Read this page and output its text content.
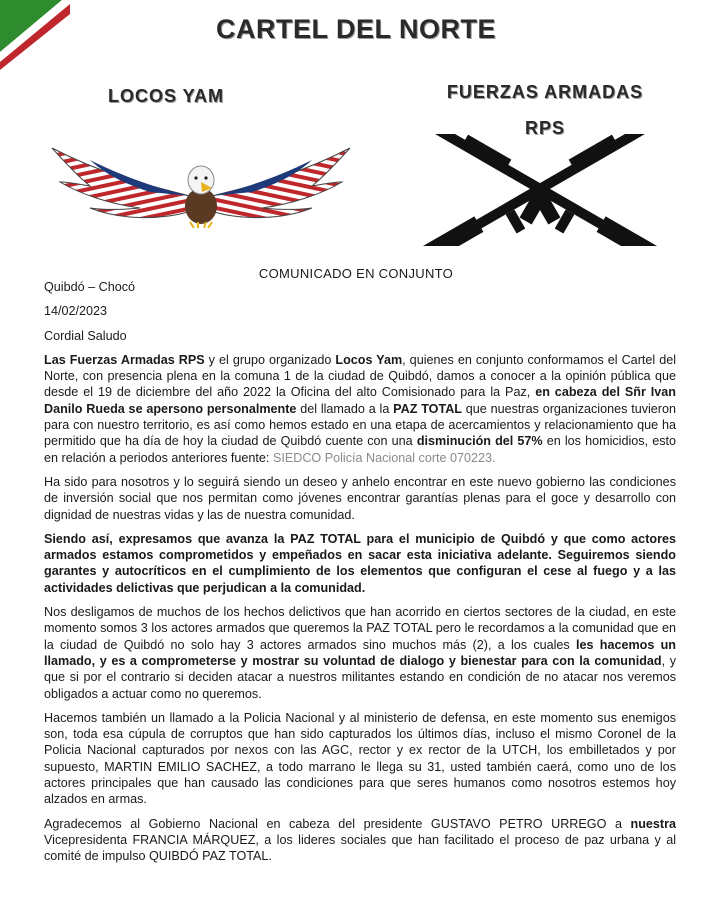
CARTEL DEL NORTE
LOCOS YAM	FUERZAS ARMADAS
RPS
COMUNICADO EN CONJUNTO

Quibdó – Chocó

14/02/2023

Cordial Saludo

Las Fuerzas Armadas RPS y el grupo organizado Locos Yam, quienes en conjunto conformamos el Cartel del Norte, con presencia plena en la comuna 1 de la ciudad de Quibdó, damos a conocer a la opinión pública que desde el 19 de diciembre del año 2022 la Oficina del alto Comisionado para la Paz, en cabeza del Sñr Ivan Danilo Rueda se apersono personalmente del llamado a la PAZ TOTAL que nuestras organizaciones tuvieron para con nuestro territorio, es así como hemos estado en una etapa de acercamientos y relacionamiento que ha permitido que ha día de hoy la ciudad de Quibdó cuente con una disminución del 57% en los homicidios, esto en relación a periodos anteriores fuente: SIEDCO Policía Nacional corte 070223.

Ha sido para nosotros y lo seguirá siendo un deseo y anhelo encontrar en este nuevo gobierno las condiciones de inversión social que nos permitan como jóvenes encontrar garantías plenas para el goce y desarrollo con dignidad de nuestras vidas y las de nuestra comunidad.

Siendo así, expresamos que avanza la PAZ TOTAL para el municipio de Quibdó y que como actores armados estamos comprometidos y empeñados en sacar esta iniciativa adelante. Seguiremos siendo garantes y autocríticos en el cumplimiento de los elementos que configuran el cese al fuego y a las actividades delictivas que perjudican a la comunidad.

Nos desligamos de muchos de los hechos delictivos que han acorrido en ciertos sectores de la ciudad, en este momento somos 3 los actores armados que queremos la PAZ TOTAL pero le recordamos a la comunidad que en la ciudad de Quibdó no solo hay 3 actores armados sino muchos más (2), a los cuales les hacemos un llamado, y es a comprometerse y mostrar su voluntad de dialogo y bienestar para con la comunidad, y que si por el contrario si deciden atacar a nuestros militantes estando en condición de no atacar nos veremos obligados a actuar como no queremos.

Hacemos también un llamado a la Policia Nacional y al ministerio de defensa, en este momento sus enemigos son, toda esa cúpula de corruptos que han sido capturados los últimos días, incluso el mismo Coronel de la Policia Nacional capturados por nexos con las AGC, rector y ex rector de la UTCH, los embilletados y por supuesto, MARTIN EMILIO SACHEZ, a todo marrano le llega su 31, usted también caerá, como uno de los actores principales que han causado las condiciones para que seres humanos como nosotros estemos hoy alzados en armas.

Agradecemos al Gobierno Nacional en cabeza del presidente GUSTAVO PETRO URREGO a nuestra Vicepresidenta FRANCIA MÁRQUEZ, a los lideres sociales que han facilitado el proceso de paz urbana y al comité de impulso QUIBDÓ PAZ TOTAL.
